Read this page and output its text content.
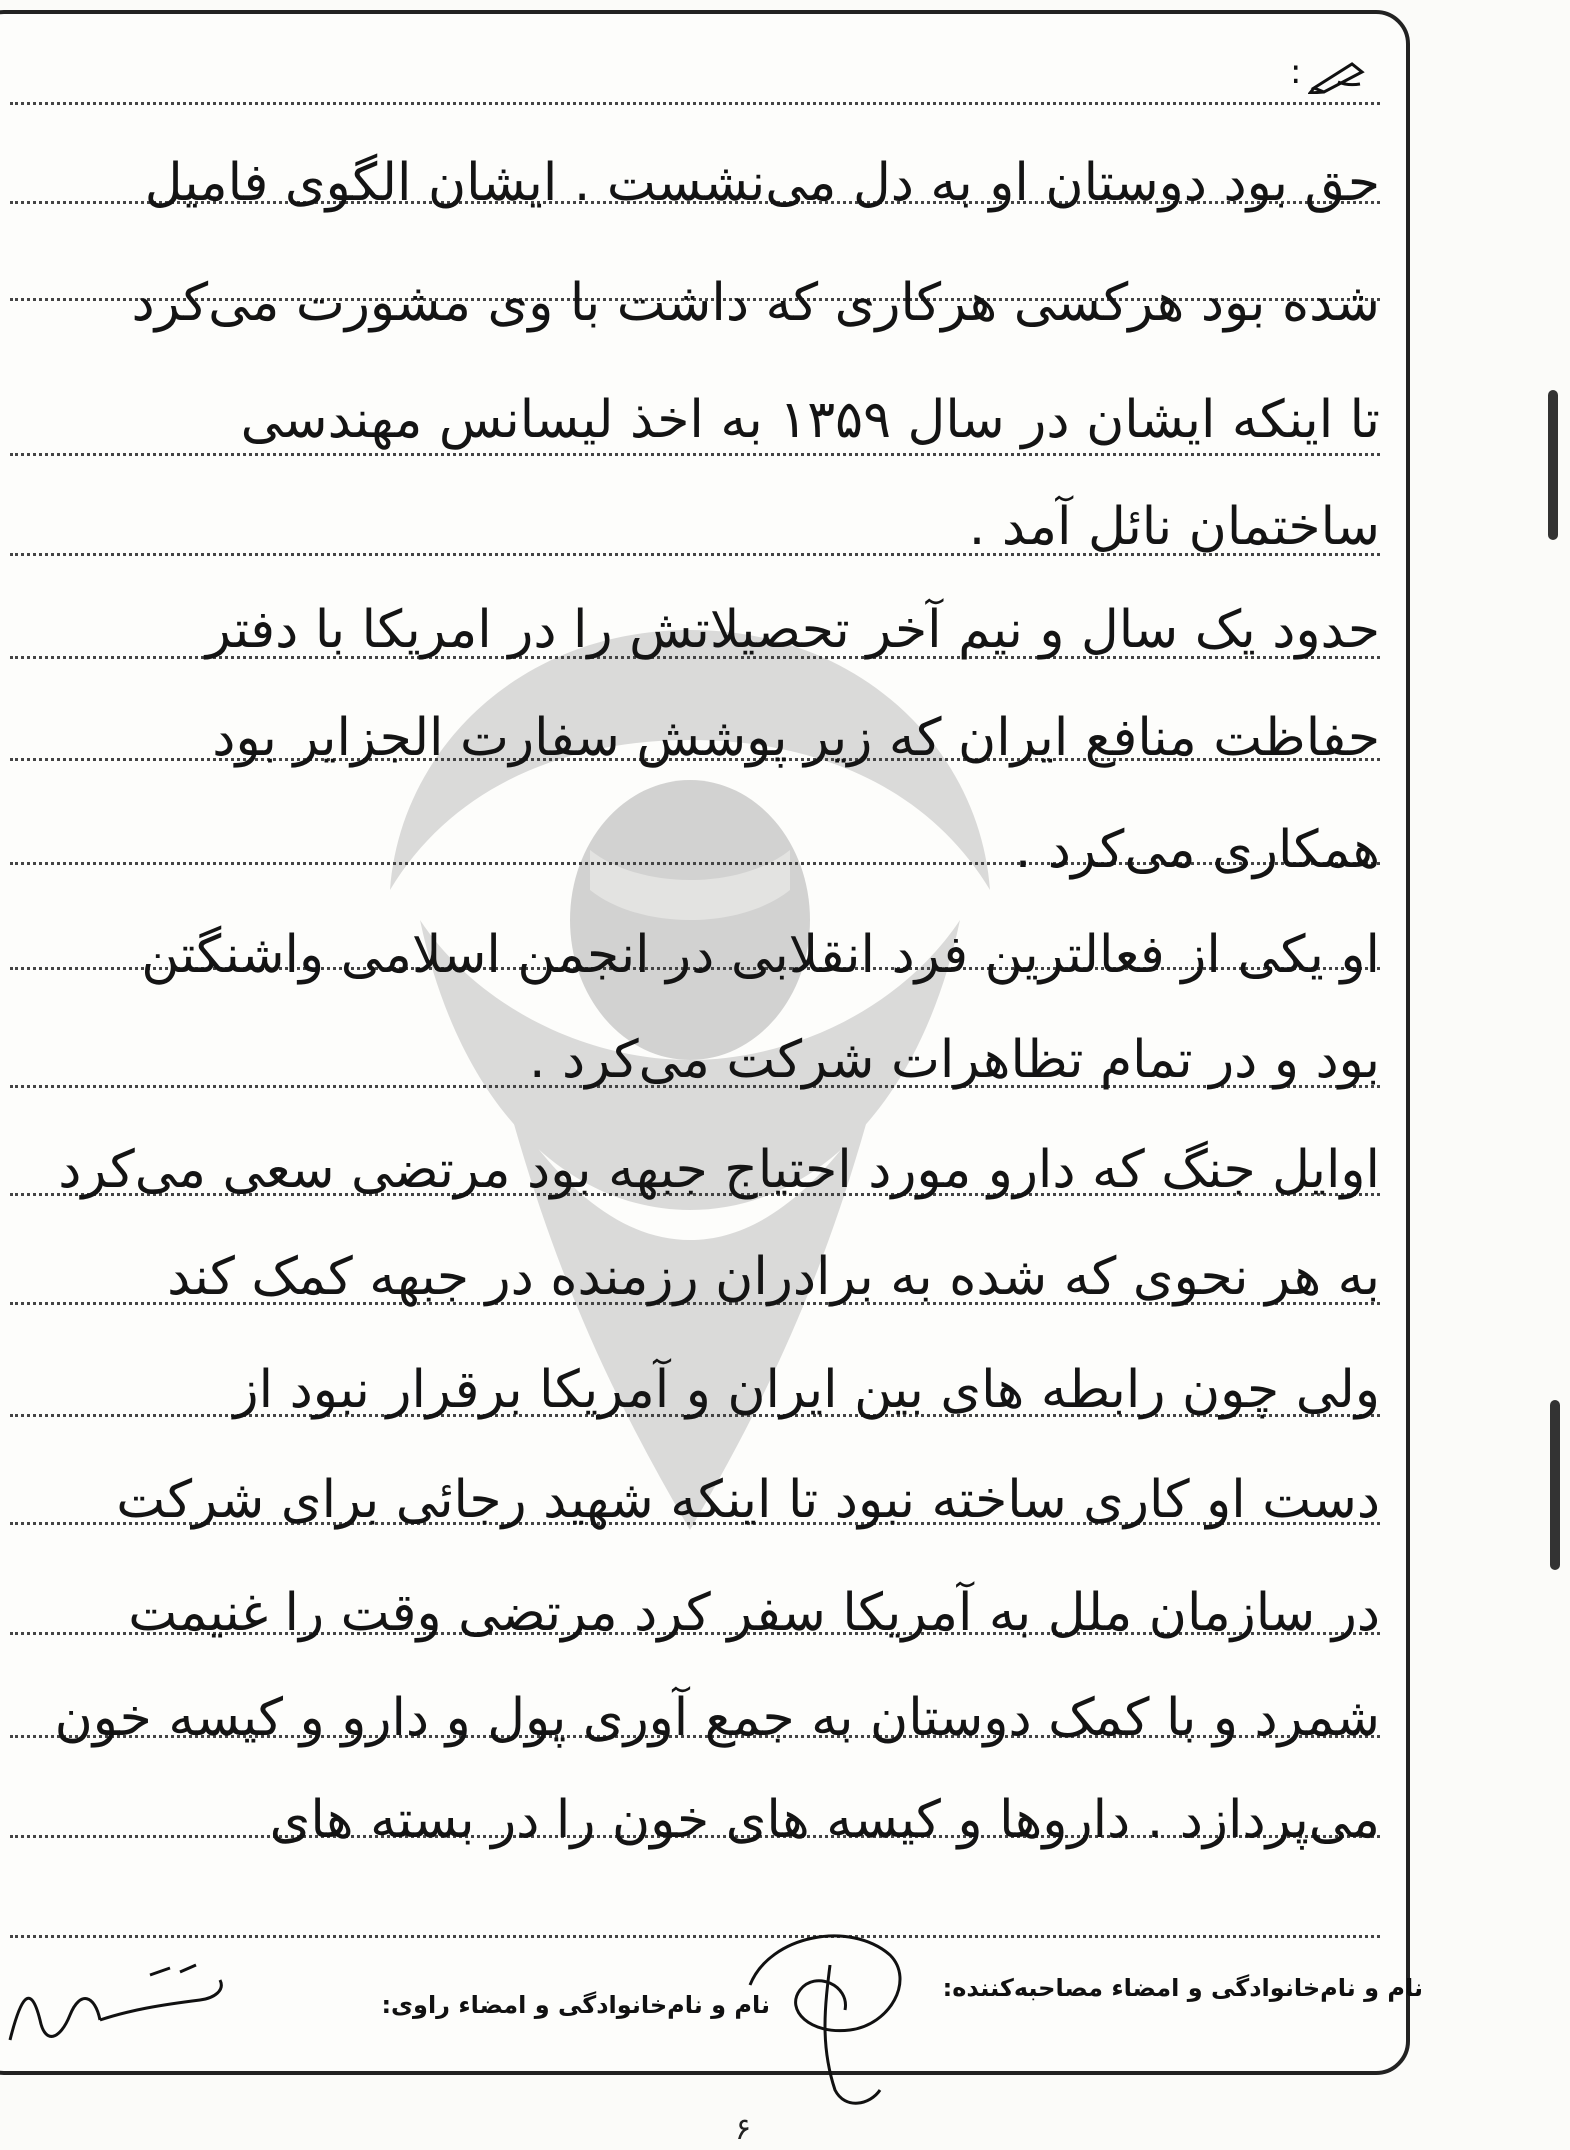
:
حق بود دوستان او به دل می‌نشست . ایشان الگوی فامیل
شده بود هرکسی هرکاری که داشت با وی مشورت می‌کرد
تا اینکه ایشان در سال ۱۳۵۹ به اخذ لیسانس مهندسی
ساختمان نائل آمد .
حدود یک سال و نیم آخر تحصیلاتش را در امریکا با دفتر
حفاظت منافع ایران که زیر پوشش سفارت الجزایر بود
همکاری می‌کرد .
او یکی از فعالترین فرد انقلابی در انجمن اسلامی واشنگتن
بود و در تمام تظاهرات شرکت می‌کرد .
اوایل جنگ که دارو مورد احتیاج جبهه بود مرتضی سعی می‌کرد
به هر نحوی که شده به برادران رزمنده در جبهه کمک کند
ولی چون رابطه های بین ایران و آمریکا برقرار نبود از
دست او کاری ساخته نبود تا اینکه شهید رجائی برای شرکت
در سازمان ملل به آمریکا سفر کرد مرتضی وقت را غنیمت
شمرد و با کمک دوستان به جمع آوری پول و دارو و کیسه خون
می‌پردازد . داروها و کیسه های خون را در بسته های
نام و نام‌خانوادگی و امضاء مصاحبه‌کننده:
نام و نام‌خانوادگی و امضاء راوی:
۶
